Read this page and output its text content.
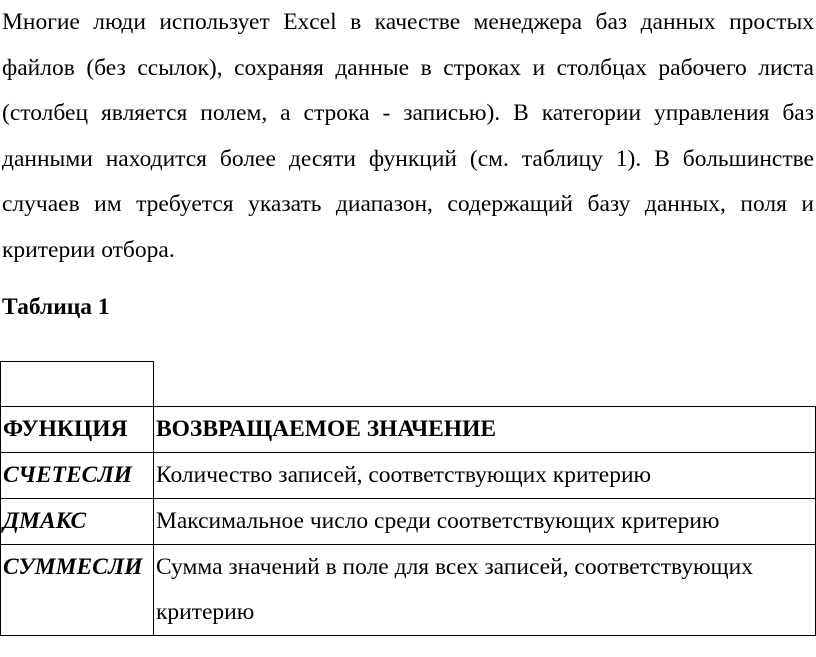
Многие люди использует Excel в качестве менеджера баз данных простых файлов (без ссылок), сохраняя данные в строках и столбцах рабочего листа (столбец является полем, а строка - записью). В категории управления баз данными находится более десяти функций (см. таблицу 1). В большинстве случаев им требуется указать диапазон, содержащий базу данных, поля и критерии отбора.

Таблица 1

ФУНКЦИЯ	ВОЗВРАЩАЕМОЕ ЗНАЧЕНИЕ
СЧЕТЕСЛИ	Количество записей, соответствующих критерию
ДМАКС	Максимальное число среди соответствующих критерию
СУММЕСЛИ	Сумма значений в поле для всех записей, соответствующих критерию
